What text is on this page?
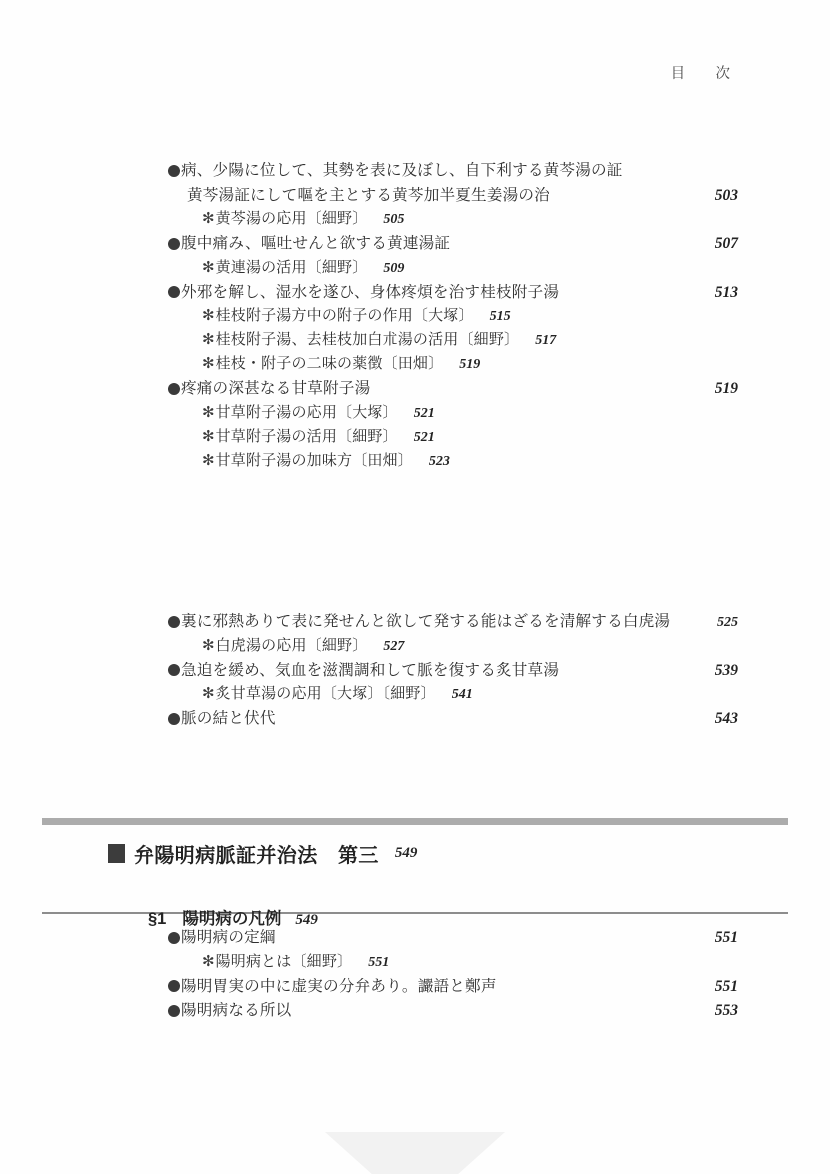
目　次
病、少陽に位して、其勢を表に及ぼし、自下利する黄芩湯の証
黄芩湯証にして嘔を主とする黄芩加半夏生姜湯の治 .....	503
✻ 黄芩湯の応用〔細野〕 505
腹中痛み、嘔吐せんと欲する黄連湯証 .....	507
✻ 黄連湯の活用〔細野〕 509
外邪を解し、湿水を遂ひ、身体疼煩を治す桂枝附子湯 .....	513
✻ 桂枝附子湯方中の附子の作用〔大塚〕 515
✻ 桂枝附子湯、去桂枝加白朮湯の活用〔細野〕 517
✻ 桂枝・附子の二味の薬徴〔田畑〕 519
疼痛の深甚なる甘草附子湯 .....	519
✻ 甘草附子湯の応用〔大塚〕 521
✻ 甘草附子湯の活用〔細野〕 521
✻ 甘草附子湯の加味方〔田畑〕 523
裏に邪熱ありて表に発せんと欲して発する能はざるを清解する白虎湯	525
✻ 白虎湯の応用〔細野〕 527
急迫を緩め、気血を滋潤調和して脈を復する炙甘草湯 .....	539
✻ 炙甘草湯の応用〔大塚〕〔細野〕 541
脈の結と伏代 .....	543
弁陽明病脈証并治法　第三 549
§1 陽明病の凡例 549
陽明病の定綱 .....	551
✻ 陽明病とは〔細野〕 551
陽明胃実の中に虚実の分弁あり。讝語と鄭声 .....	551
陽明病なる所以 .....	553
